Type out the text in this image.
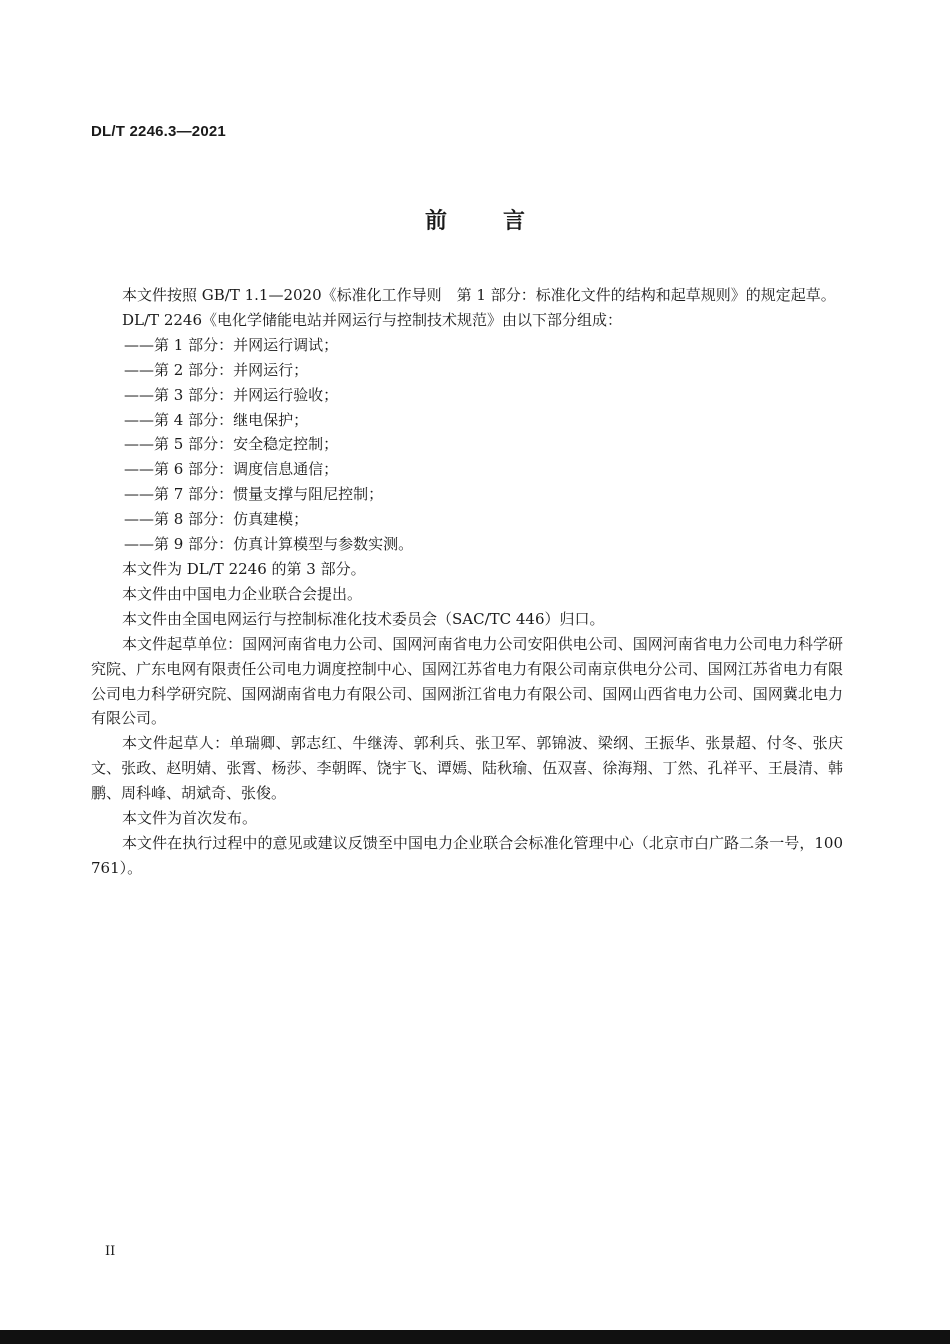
DL/T 2246.3—2021
前言

本文件按照 GB/T 1.1—2020《标准化工作导则　第 1 部分：标准化文件的结构和起草规则》的规定起草。

DL/T 2246《电化学储能电站并网运行与控制技术规范》由以下部分组成：

——第 1 部分：并网运行调试；

——第 2 部分：并网运行；

——第 3 部分：并网运行验收；

——第 4 部分：继电保护；

——第 5 部分：安全稳定控制；

——第 6 部分：调度信息通信；

——第 7 部分：惯量支撑与阻尼控制；

——第 8 部分：仿真建模；

——第 9 部分：仿真计算模型与参数实测。

本文件为 DL/T 2246 的第 3 部分。

本文件由中国电力企业联合会提出。

本文件由全国电网运行与控制标准化技术委员会（SAC/TC 446）归口。

本文件起草单位：国网河南省电力公司、国网河南省电力公司安阳供电公司、国网河南省电力公司电力科学研究院、广东电网有限责任公司电力调度控制中心、国网江苏省电力有限公司南京供电分公司、国网江苏省电力有限公司电力科学研究院、国网湖南省电力有限公司、国网浙江省电力有限公司、国网山西省电力公司、国网冀北电力有限公司。

本文件起草人：单瑞卿、郭志红、牛继涛、郭利兵、张卫军、郭锦波、梁纲、王振华、张景超、付冬、张庆文、张政、赵明婧、张霄、杨莎、李朝晖、饶宇飞、谭嫣、陆秋瑜、伍双喜、徐海翔、丁然、孔祥平、王晨清、韩鹏、周科峰、胡斌奇、张俊。

本文件为首次发布。

本文件在执行过程中的意见或建议反馈至中国电力企业联合会标准化管理中心（北京市白广路二条一号，100761）。

II
